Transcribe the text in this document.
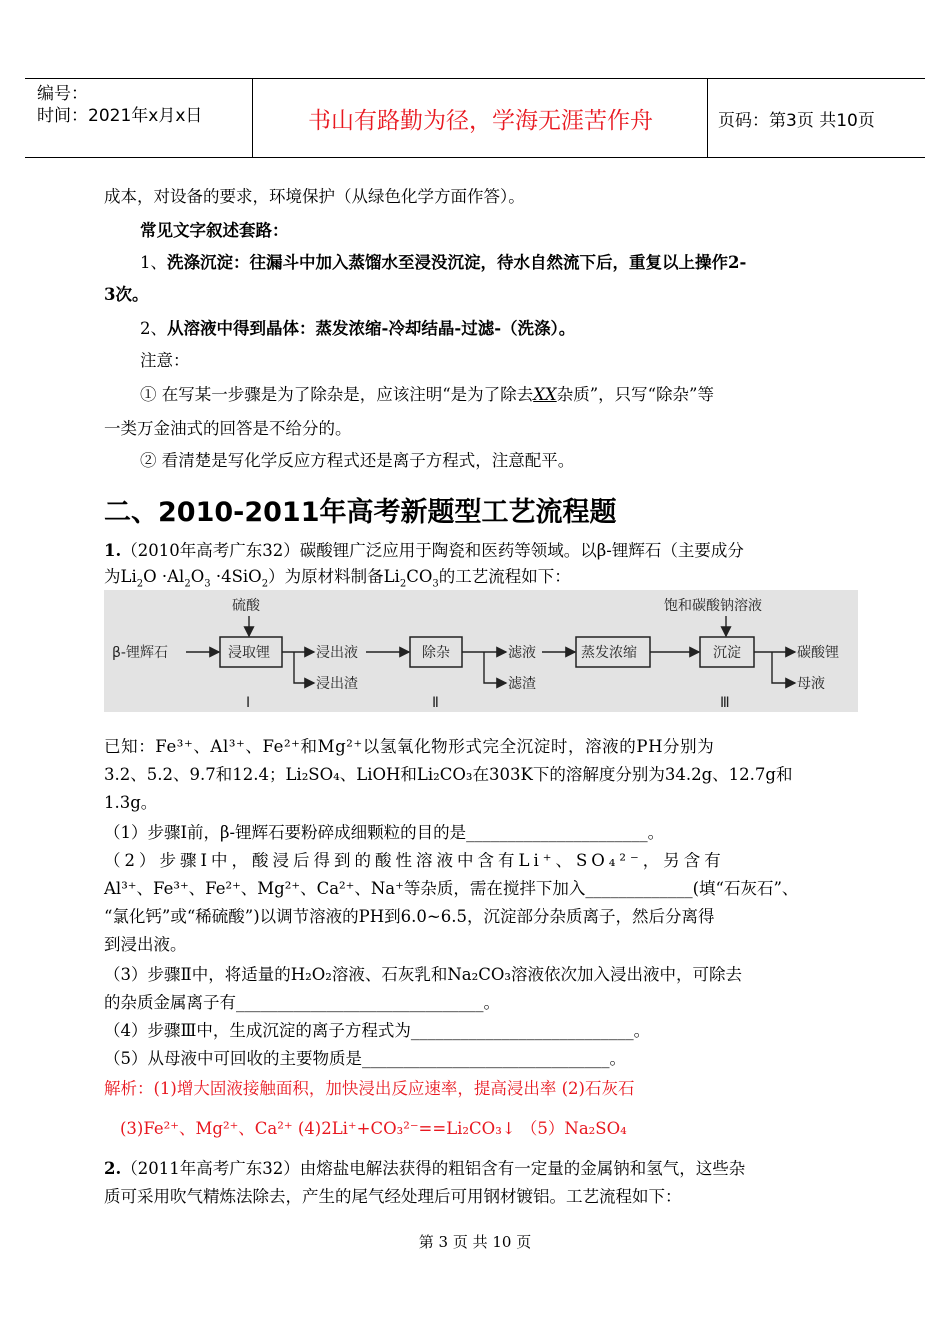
编号：
时间：2021年x月x日	书山有路勤为径，学海无涯苦作舟	页码：第3页 共10页
成本，对设备的要求，环境保护（从绿色化学方面作答）。
常见文字叙述套路：
1、洗涤沉淀：往漏斗中加入蒸馏水至浸没沉淀，待水自然流下后，重复以上操作2-
3次。
2、从溶液中得到晶体：蒸发浓缩-冷却结晶-过滤-（洗涤）。
注意：
① 在写某一步骤是为了除杂是，应该注明“是为了除去XX杂质”，只写“除杂”等
一类万金油式的回答是不给分的。
② 看清楚是写化学反应方程式还是离子方程式，注意配平。
二、2010-2011年高考新题型工艺流程题
1.（2010年高考广东32）碳酸锂广泛应用于陶瓷和医药等领域。以β-锂辉石（主要成分
为$Li_2O \cdot Al_2O_3 \cdot 4SiO_2$）为原材料制备$Li_2CO_3$的工艺流程如下：
硫酸	饱和碳酸钠溶液
β-锂辉石	浸取锂	浸出液
浸出渣
除杂	滤液
滤渣
蒸发浓缩	沉淀	碳酸锂
母液
Ⅰ	Ⅱ	Ⅲ
已知：Fe³⁺、Al³⁺、Fe²⁺和Mg²⁺以氢氧化物形式完全沉淀时，溶液的PH分别为
3.2、5.2、9.7和12.4；Li₂SO₄、LiOH和Li₂CO₃在303K下的溶解度分别为34.2g、12.7g和
1.3g。
（1）步骤Ⅰ前，β-锂辉石要粉碎成细颗粒的目的是______________________。
（2）步骤Ⅰ中，酸浸后得到的酸性溶液中含有Li⁺、SO₄²⁻，另含有
Al³⁺、Fe³⁺、Fe²⁺、Mg²⁺、Ca²⁺、Na⁺等杂质，需在搅拌下加入_____________(填“石灰石”、
“氯化钙”或“稀硫酸”)以调节溶液的PH到6.0~6.5，沉淀部分杂质离子，然后分离得
到浸出液。
（3）步骤Ⅱ中，将适量的H₂O₂溶液、石灰乳和Na₂CO₃溶液依次加入浸出液中，可除去
的杂质金属离子有______________________________。
（4）步骤Ⅲ中，生成沉淀的离子方程式为___________________________。
（5）从母液中可回收的主要物质是______________________________。
解析：(1)增大固液接触面积，加快浸出反应速率，提高浸出率 (2)石灰石
(3)Fe²⁺、Mg²⁺、Ca²⁺ (4)2Li⁺+CO₃²⁻==Li₂CO₃↓ （5）Na₂SO₄
2.（2011年高考广东32）由熔盐电解法获得的粗铝含有一定量的金属钠和氢气，这些杂
质可采用吹气精炼法除去，产生的尾气经处理后可用钢材镀铝。工艺流程如下：
第 3 页 共 10 页
